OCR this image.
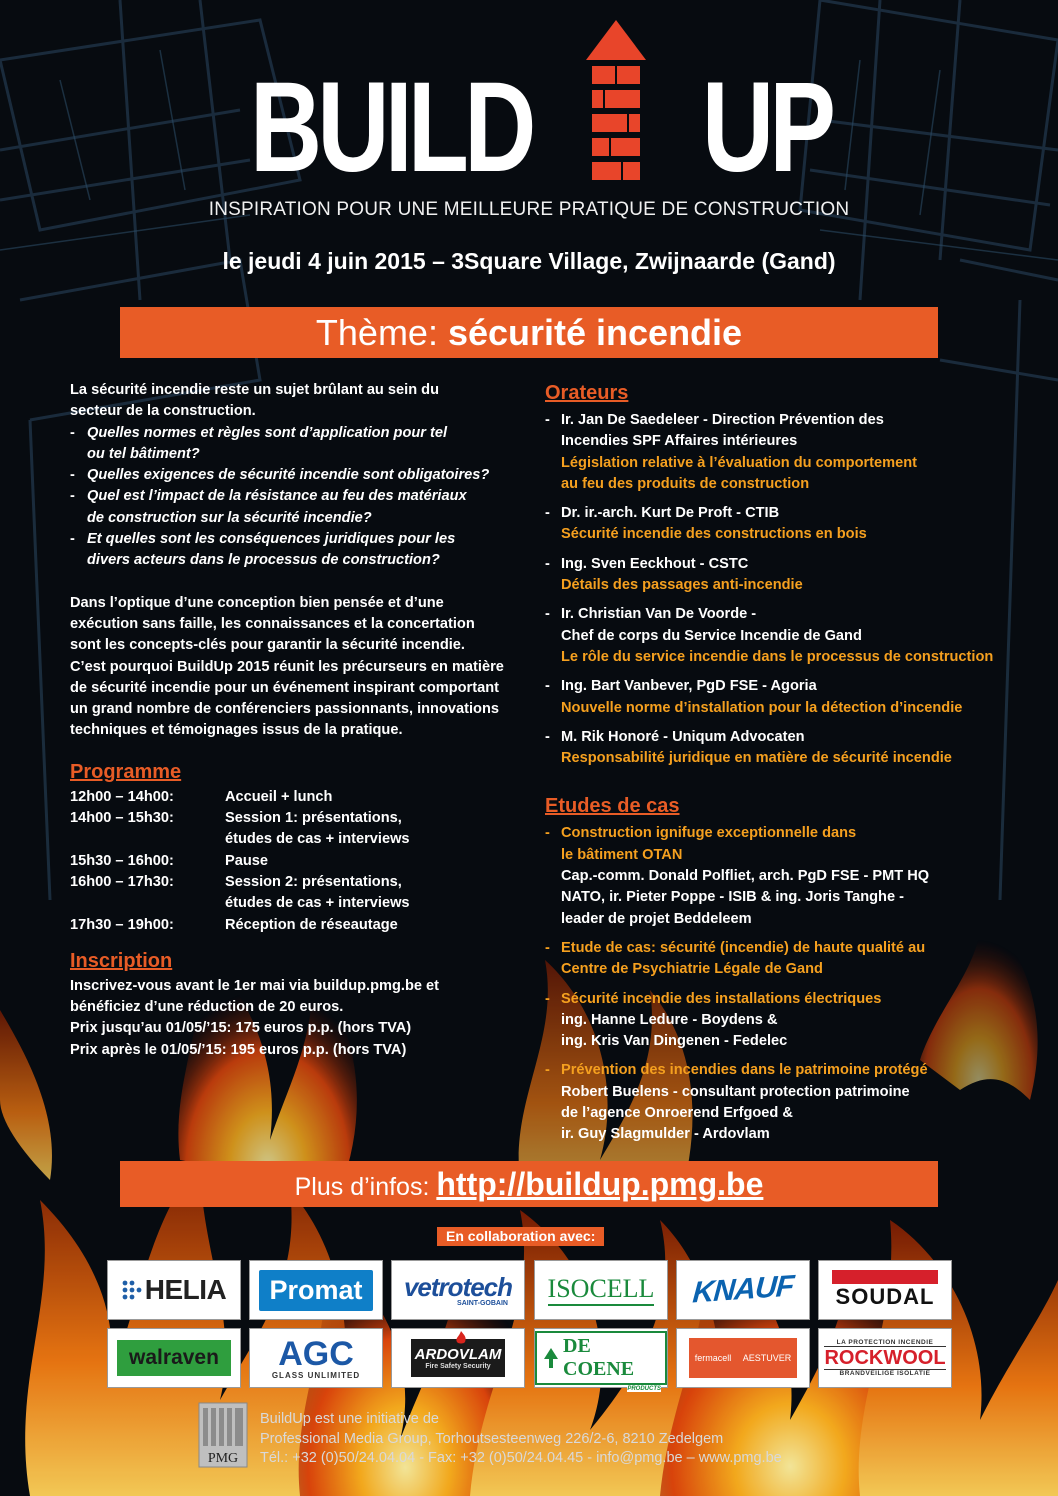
BUILD UP
INSPIRATION POUR UNE MEILLEURE PRATIQUE DE CONSTRUCTION
le jeudi 4 juin 2015 – 3Square Village, Zwijnaarde (Gand)
Thème: sécurité incendie

La sécurité incendie reste un sujet brûlant au sein du
secteur de la construction.

- Quelles normes et règles sont d’application pour tel
ou tel bâtiment?
- Quelles exigences de sécurité incendie sont obligatoires?
- Quel est l’impact de la résistance au feu des matériaux
de construction sur la sécurité incendie?
- Et quelles sont les conséquences juridiques pour les
divers acteurs dans le processus de construction?

Dans l’optique d’une conception bien pensée et d’une
exécution sans faille, les connaissances et la concertation
sont les concepts-clés pour garantir la sécurité incendie.
C’est pourquoi BuildUp 2015 réunit les précurseurs en matière
de sécurité incendie pour un événement inspirant comportant
un grand nombre de conférenciers passionnants, innovations
techniques et témoignages issus de la pratique.

Programme
12h00 – 14h00:	Accueil + lunch
14h00 – 15h30:	Session 1: présentations,
études de cas + interviews
15h30 – 16h00:	Pause
16h00 – 17h30:	Session 2: présentations,
études de cas + interviews
17h30 – 19h00:	Réception de réseautage
Inscription

Inscrivez-vous avant le 1er mai via buildup.pmg.be et

bénéficiez d’une réduction de 20 euros.

Prix jusqu’au 01/05/’15: 175 euros p.p. (hors TVA)

Prix après le 01/05/’15: 195 euros p.p. (hors TVA)

Orateurs
- Ir. Jan De Saedeleer - Direction Prévention des
Incendies SPF Affaires intérieures
Législation relative à l’évaluation du comportement
au feu des produits de construction
- Dr. ir.-arch. Kurt De Proft - CTIB
Sécurité incendie des constructions en bois
- Ing. Sven Eeckhout - CSTC
Détails des passages anti-incendie
- Ir. Christian Van De Voorde -
Chef de corps du Service Incendie de Gand
Le rôle du service incendie dans le processus de construction
- Ing. Bart Vanbever, PgD FSE - Agoria
Nouvelle norme d’installation pour la détection d’incendie
- M. Rik Honoré - Uniqum Advocaten
Responsabilité juridique en matière de sécurité incendie
Etudes de cas
- Construction ignifuge exceptionnelle dans
le bâtiment OTAN
Cap.-comm. Donald Polfliet, arch. PgD FSE - PMT HQ
NATO, ir. Pieter Poppe - ISIB & ing. Joris Tanghe -
leader de projet Beddeleem
- Etude de cas: sécurité (incendie) de haute qualité au
Centre de Psychiatrie Légale de Gand
- Sécurité incendie des installations électriques
ing. Hanne Ledure - Boydens &
ing. Kris Van Dingenen - Fedelec
- Prévention des incendies dans le patrimoine protégé
Robert Buelens - consultant protection patrimoine
de l’agence Onroerend Erfgoed &
ir. Guy Slagmulder - Ardovlam
Plus d’infos: http://buildup.pmg.be
En collaboration avec:
HELIA	Promat	vetrotech
SAINT-GOBAIN ISOCELL KNAUF SOUDAL
walraven	AGC
GLASS UNLIMITED
ARDOVLAM
Fire Safety Security
DE COENE
PRODUCTS
fermacell AESTUVER
LA PROTECTION INCENDIE
ROCKWOOL
BRANDVEILIGE ISOLATIE
PMG
BuildUp est une initiative de
Professional Media Group, Torhoutsesteenweg 226/2-6, 8210 Zedelgem
Tél.: +32 (0)50/24.04.04 - Fax: +32 (0)50/24.04.45 - info@pmg.be – www.pmg.be
